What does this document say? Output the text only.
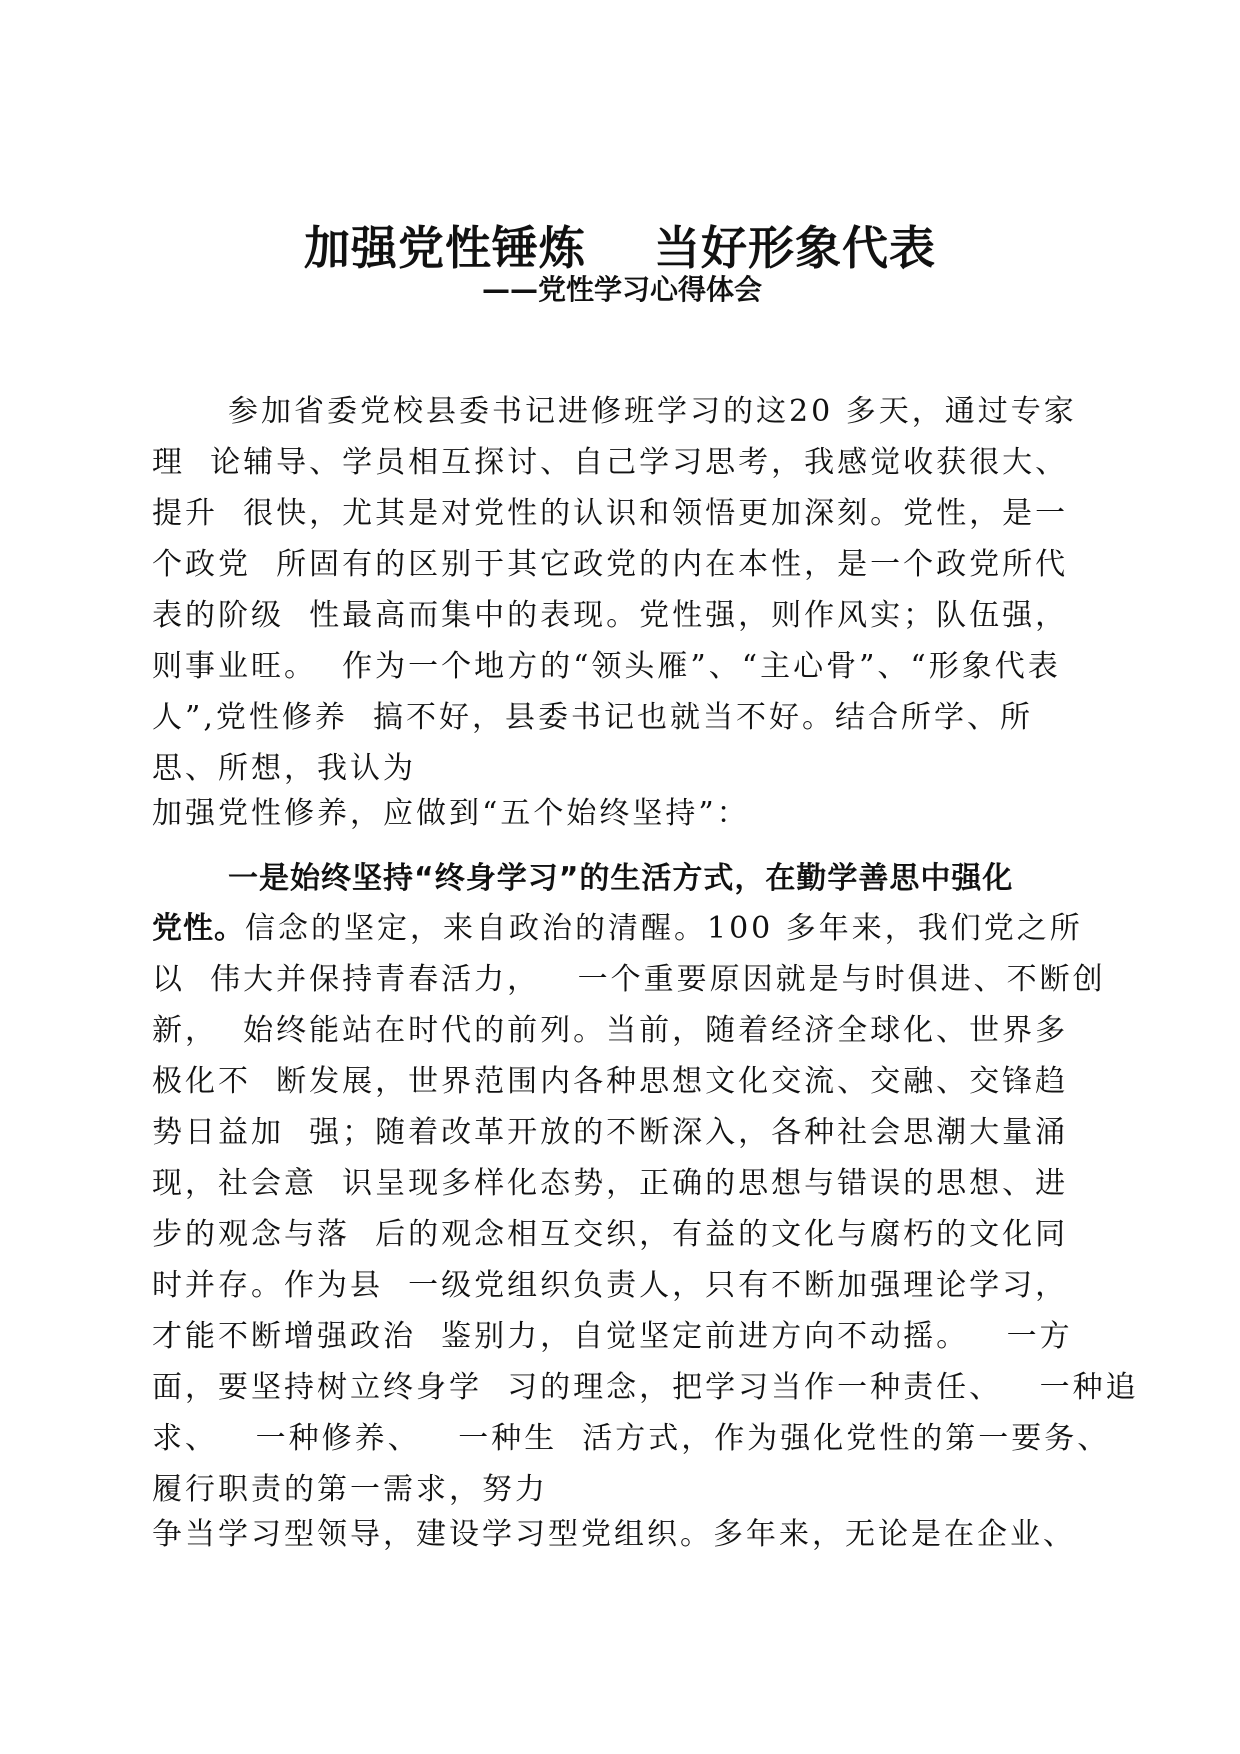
加强党性锤炼    当好形象代表
——党性学习心得体会
参加省委党校县委书记进修班学习的这20 多天，通过专家
理  论辅导、学员相互探讨、自己学习思考，我感觉收获很大、
提升  很快，尤其是对党性的认识和领悟更加深刻。党性，是一
个政党  所固有的区别于其它政党的内在本性，是一个政党所代
表的阶级  性最高而集中的表现。党性强，则作风实；队伍强，
则事业旺。  作为一个地方的“领头雁”、“主心骨”、“形象代表
人”,党性修养  搞不好，县委书记也就当不好。结合所学、所
思、所想，我认为
加强党性修养，应做到“五个始终坚持”：
一是始终坚持“终身学习”的生活方式，在勤学善思中强化
党性。信念的坚定，来自政治的清醒。100 多年来，我们党之所
以  伟大并保持青春活力，   一个重要原因就是与时俱进、不断创
新，  始终能站在时代的前列。当前，随着经济全球化、世界多
极化不  断发展，世界范围内各种思想文化交流、交融、交锋趋
势日益加  强；随着改革开放的不断深入，各种社会思潮大量涌
现，社会意  识呈现多样化态势，正确的思想与错误的思想、进
步的观念与落  后的观念相互交织，有益的文化与腐朽的文化同
时并存。作为县  一级党组织负责人，只有不断加强理论学习，
才能不断增强政治  鉴别力，自觉坚定前进方向不动摇。   一方
面，要坚持树立终身学  习的理念，把学习当作一种责任、   一种追
求、   一种修养、   一种生  活方式，作为强化党性的第一要务、
履行职责的第一需求，努力
争当学习型领导，建设学习型党组织。多年来，无论是在企业、
